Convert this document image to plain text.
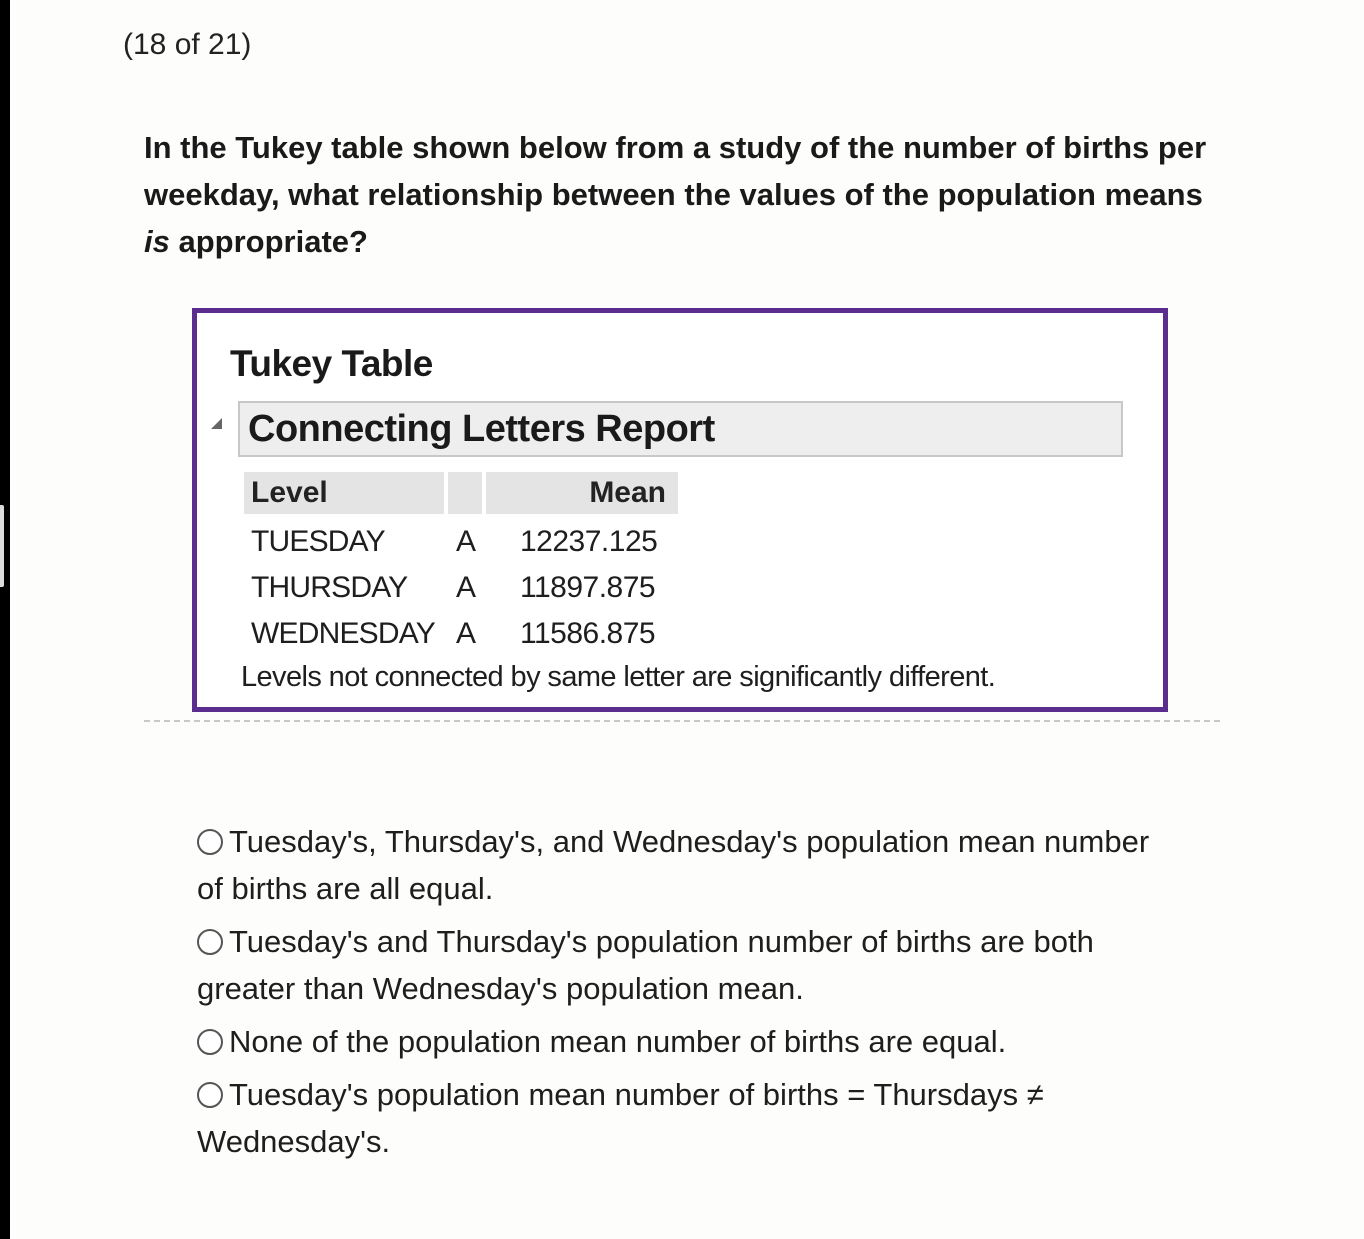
(18 of 21)
In the Tukey table shown below from a study of the number of births per weekday, what relationship between the values of the population means is appropriate?
Tukey Table
Connecting Letters Report
Level	Mean
TUESDAY A 12237.125
THURSDAY A 11897.875
WEDNESDAY A 11586.875
Levels not connected by same letter are significantly different.
Tuesday's, Thursday's, and Wednesday's population mean number of births are all equal.
Tuesday's and Thursday's population number of births are both greater than Wednesday's population mean.
None of the population mean number of births are equal.
Tuesday's population mean number of births = Thursdays ≠ Wednesday's.
